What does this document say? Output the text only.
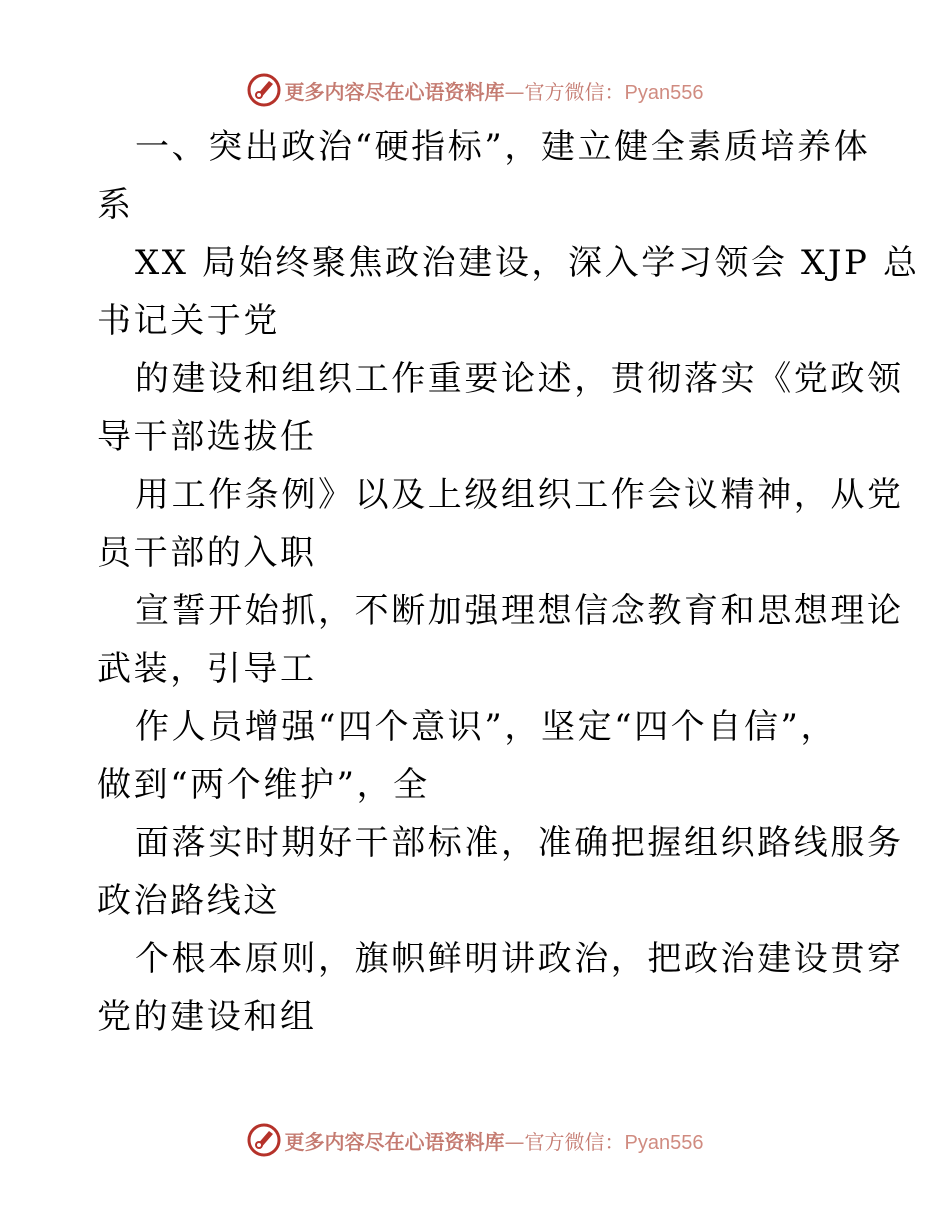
更多内容尽在心语资料库—官方微信：Pyan556
一、突出政治“硬指标”，建立健全素质培养体
系
XX 局始终聚焦政治建设，深入学习领会 XJP 总
书记关于党
的建设和组织工作重要论述，贯彻落实《党政领
导干部选拔任
用工作条例》以及上级组织工作会议精神，从党
员干部的入职
宣誓开始抓，不断加强理想信念教育和思想理论
武装，引导工
作人员增强“四个意识”，坚定“四个自信”，
做到“两个维护”，全
面落实时期好干部标准，准确把握组织路线服务
政治路线这
个根本原则，旗帜鲜明讲政治，把政治建设贯穿
党的建设和组
更多内容尽在心语资料库—官方微信：Pyan556
